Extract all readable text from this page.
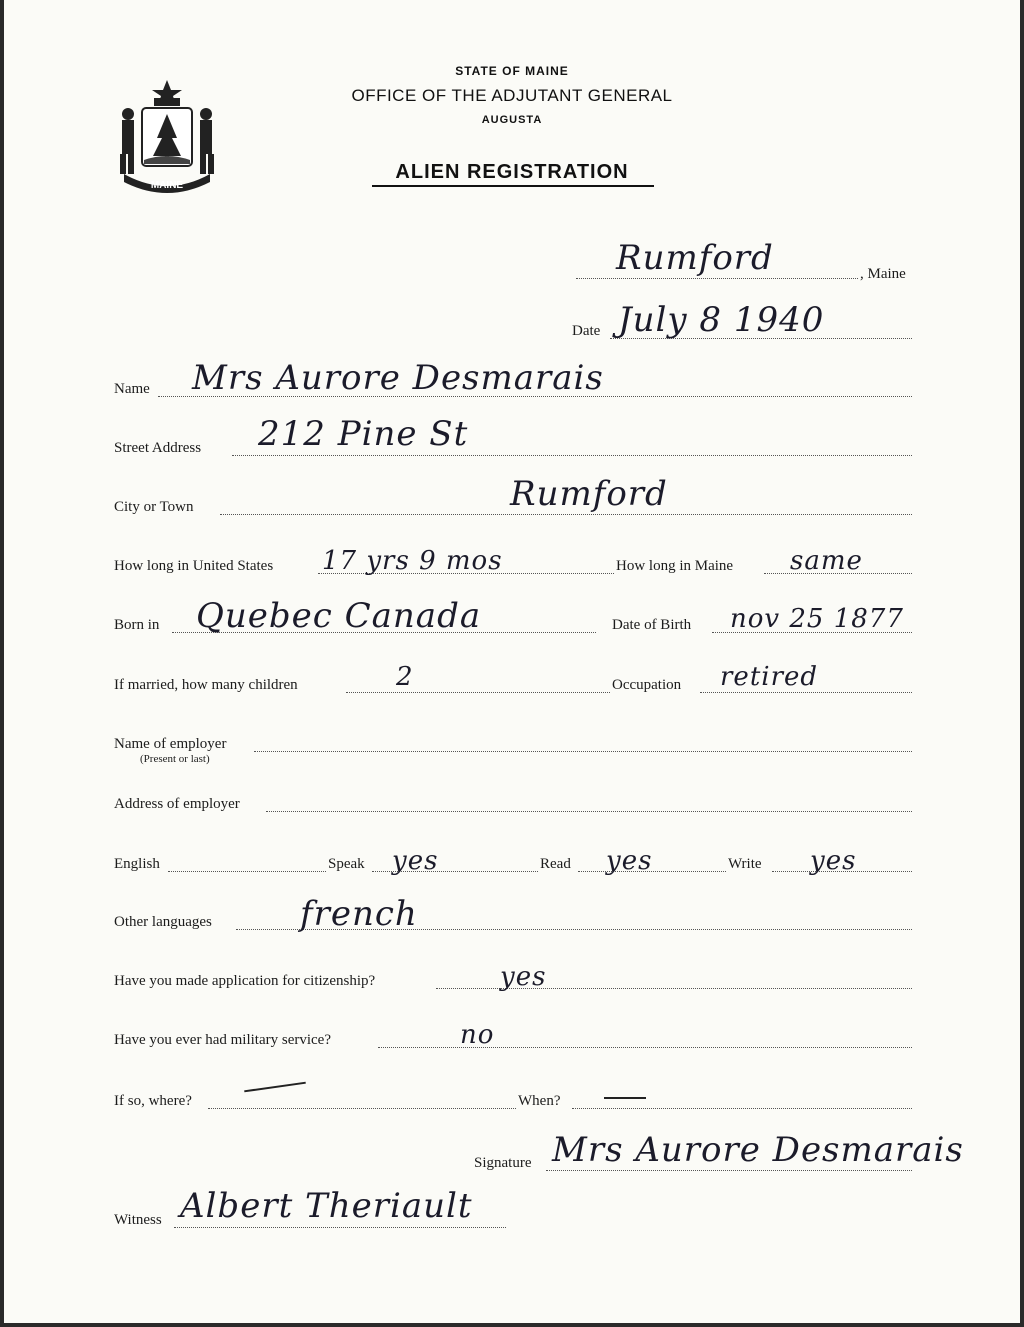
MAINE
STATE OF MAINE
OFFICE OF THE ADJUTANT GENERAL
AUGUSTA
ALIEN REGISTRATION
Rumford	, Maine
Date July 8 1940
Name Mrs Aurore Desmarais
Street Address 212 Pine St
City or Town	Rumford
How long in United States 17 yrs 9 mos	How long in Maine same
Born in Quebec Canada	Date of Birth nov 25 1877
If married, how many children	2	Occupation retired
Name of employer
(Present or last)
Address of employer
English	Speak yes	Read yes	Write yes
Other languages	french
Have you made application for citizenship?	yes
Have you ever had military service?	no
If so, where?	When?
Signature Mrs Aurore Desmarais
Witness Albert Theriault
